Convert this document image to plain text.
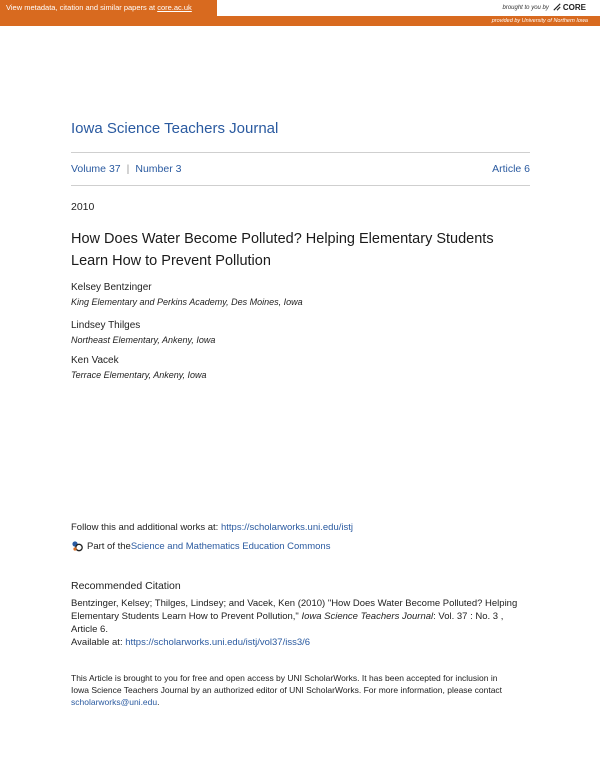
View metadata, citation and similar papers at core.ac.uk	brought to you by	CORE
provided by University of Northern Iowa
Iowa Science Teachers Journal
Volume 37 | Number 3	Article 6
2010
How Does Water Become Polluted? Helping Elementary Students
Learn How to Prevent Pollution
Kelsey Bentzinger
King Elementary and Perkins Academy, Des Moines, Iowa
Lindsey Thilges
Northeast Elementary, Ankeny, Iowa
Ken Vacek
Terrace Elementary, Ankeny, Iowa
Follow this and additional works at: https://scholarworks.uni.edu/istj
Part of the Science and Mathematics Education Commons
Recommended Citation
Bentzinger, Kelsey; Thilges, Lindsey; and Vacek, Ken (2010) "How Does Water Become Polluted? Helping
Elementary Students Learn How to Prevent Pollution," Iowa Science Teachers Journal: Vol. 37 : No. 3 ,
Article 6.
Available at: https://scholarworks.uni.edu/istj/vol37/iss3/6
This Article is brought to you for free and open access by UNI ScholarWorks. It has been accepted for inclusion in
Iowa Science Teachers Journal by an authorized editor of UNI ScholarWorks. For more information, please contact
scholarworks@uni.edu.
